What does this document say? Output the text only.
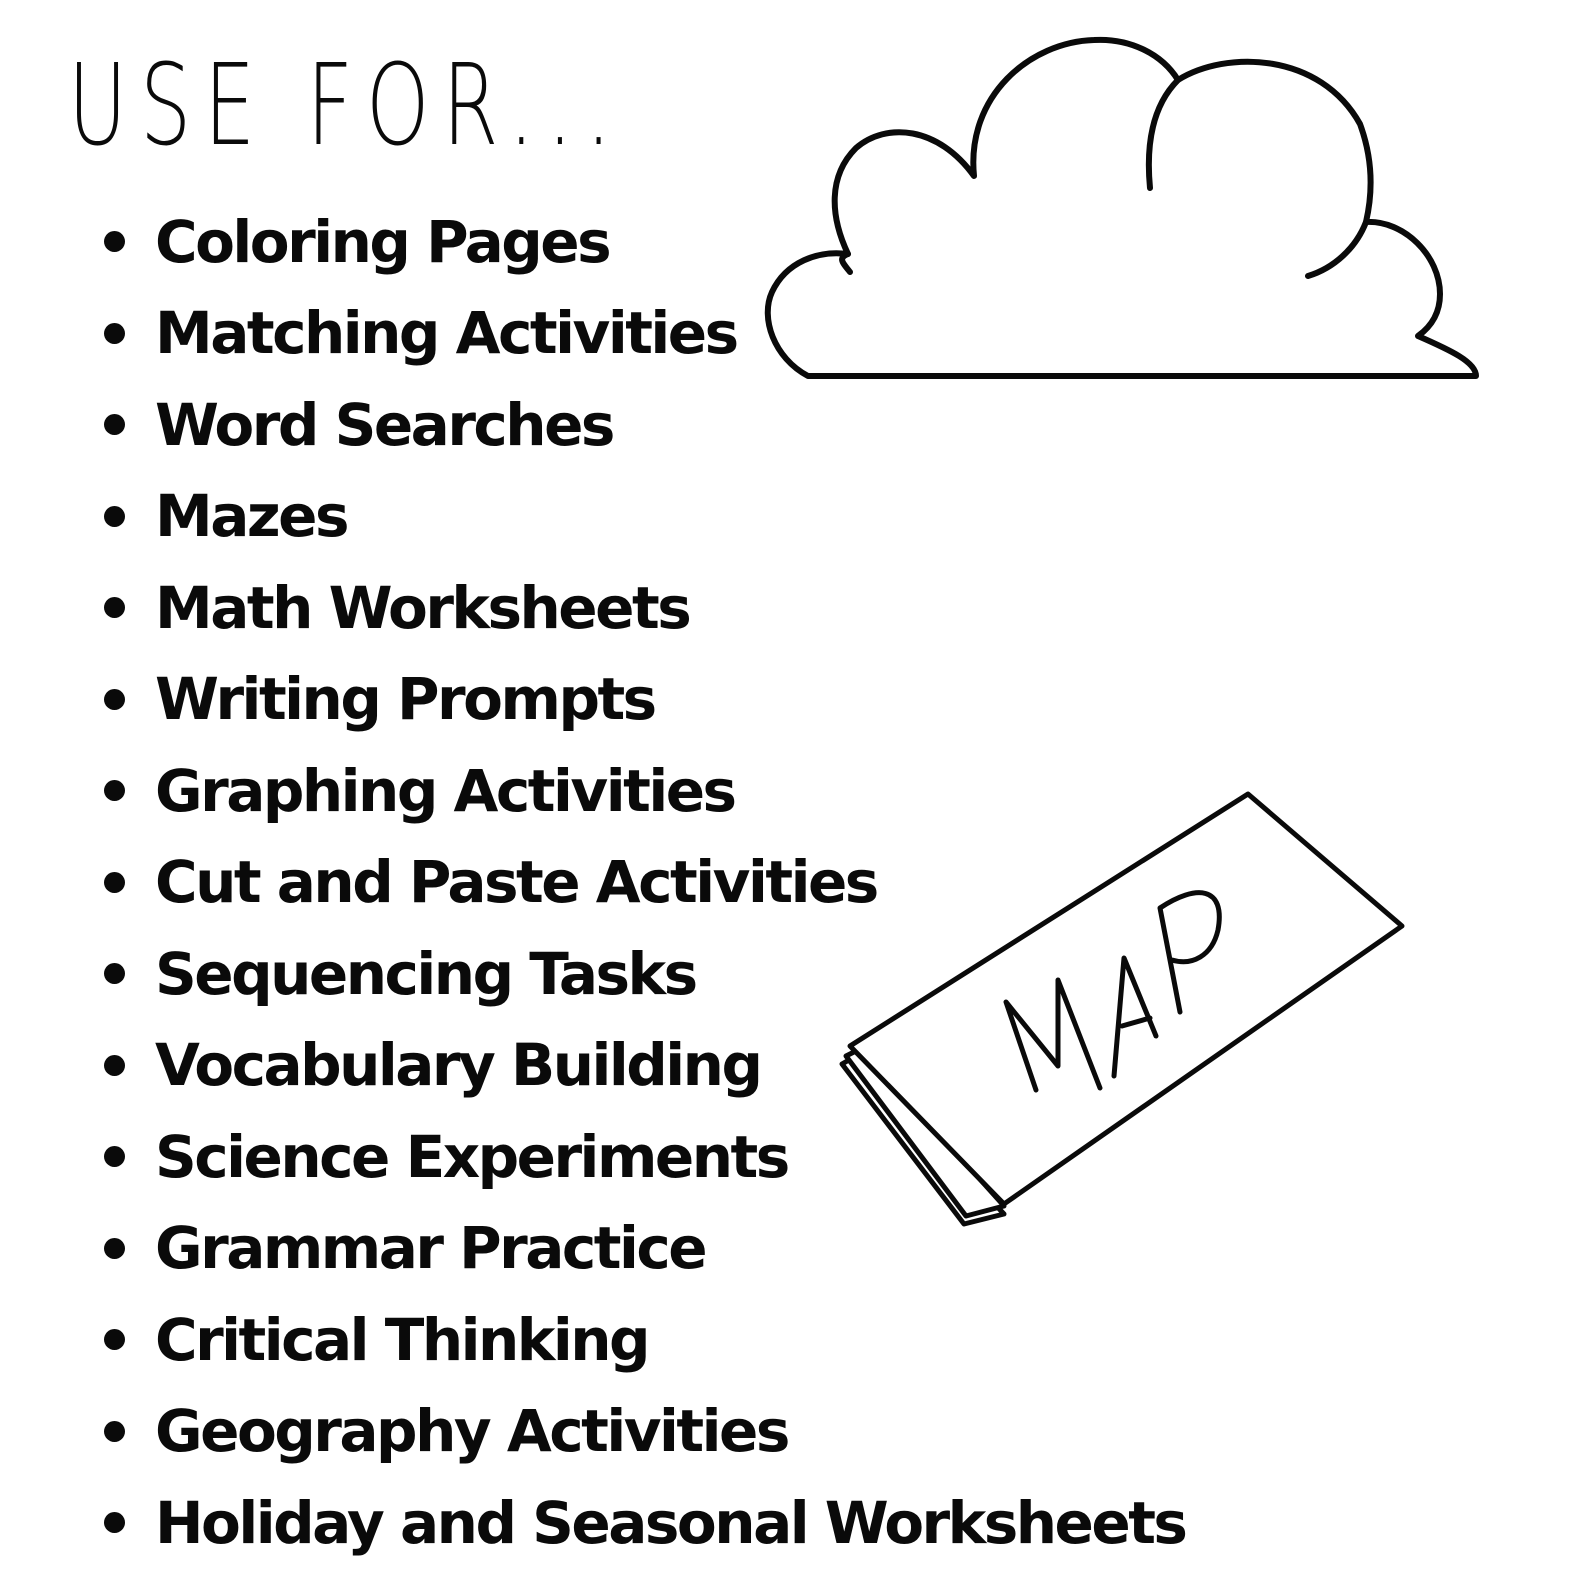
USE FOR...
Coloring Pages
Matching Activities
Word Searches
Mazes
Math Worksheets
Writing Prompts
Graphing Activities
Cut and Paste Activities
Sequencing Tasks
Vocabulary Building
Science Experiments
Grammar Practice
Critical Thinking
Geography Activities
Holiday and Seasonal Worksheets
